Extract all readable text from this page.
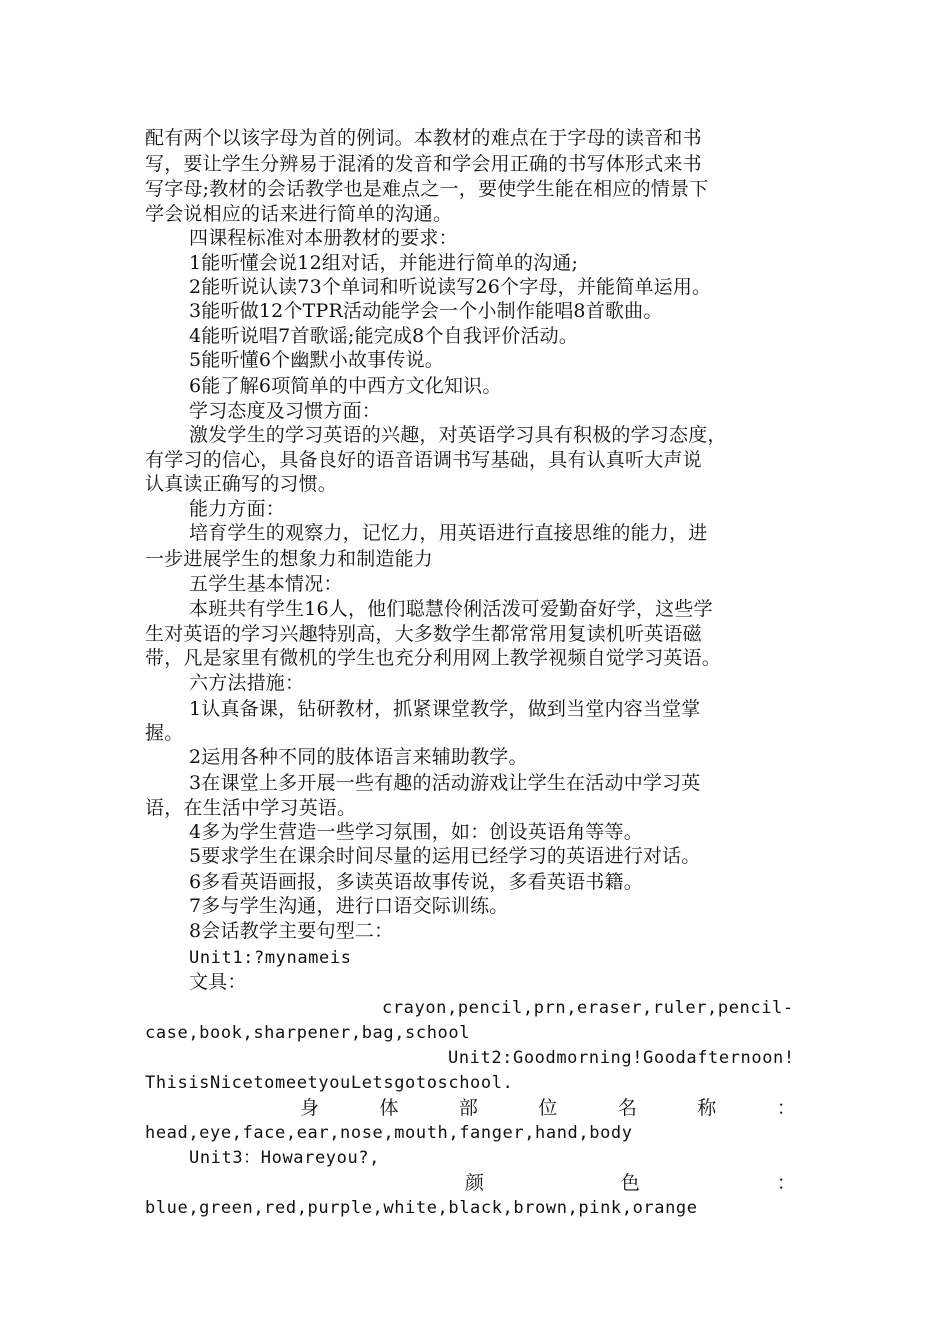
配有两个以该字母为首的例词。本教材的难点在于字母的读音和书
写，要让学生分辨易于混淆的发音和学会用正确的书写体形式来书
写字母;教材的会话教学也是难点之一，要使学生能在相应的情景下
学会说相应的话来进行简单的沟通。
四课程标准对本册教材的要求：
1能听懂会说12组对话，并能进行简单的沟通;
2能听说认读73个单词和听说读写26个字母，并能简单运用。
3能听做12个TPR活动能学会一个小制作能唱8首歌曲。
4能听说唱7首歌谣;能完成8个自我评价活动。
5能听懂6个幽默小故事传说。
6能了解6项简单的中西方文化知识。
学习态度及习惯方面：
激发学生的学习英语的兴趣，对英语学习具有积极的学习态度，
有学习的信心，具备良好的语音语调书写基础，具有认真听大声说
认真读正确写的习惯。
能力方面：
培育学生的观察力，记忆力，用英语进行直接思维的能力，进
一步进展学生的想象力和制造能力
五学生基本情况：
本班共有学生16人，他们聪慧伶俐活泼可爱勤奋好学，这些学
生对英语的学习兴趣特别高，大多数学生都常常用复读机听英语磁
带，凡是家里有微机的学生也充分利用网上教学视频自觉学习英语。
六方法措施：
1认真备课，钻研教材，抓紧课堂教学，做到当堂内容当堂掌
握。
2运用各种不同的肢体语言来辅助教学。
3在课堂上多开展一些有趣的活动游戏让学生在活动中学习英
语，在生活中学习英语。
4多为学生营造一些学习氛围，如：创设英语角等等。
5要求学生在课余时间尽量的运用已经学习的英语进行对话。
6多看英语画报，多读英语故事传说，多看英语书籍。
7多与学生沟通，进行口语交际训练。
8会话教学主要句型二：
Unit1:?mynameis
文具：
crayon,pencil,prn,eraser,ruler,pencil-
case,book,sharpener,bag,school
Unit2:Goodmorning!Goodafternoon!
ThisisNicetomeetyouLetsgotoschool.
身	体	部	位	名	称	：
head,eye,face,ear,nose,mouth,fanger,hand,body
Unit3：Howareyou?,
颜	色	：
blue,green,red,purple,white,black,brown,pink,orange
